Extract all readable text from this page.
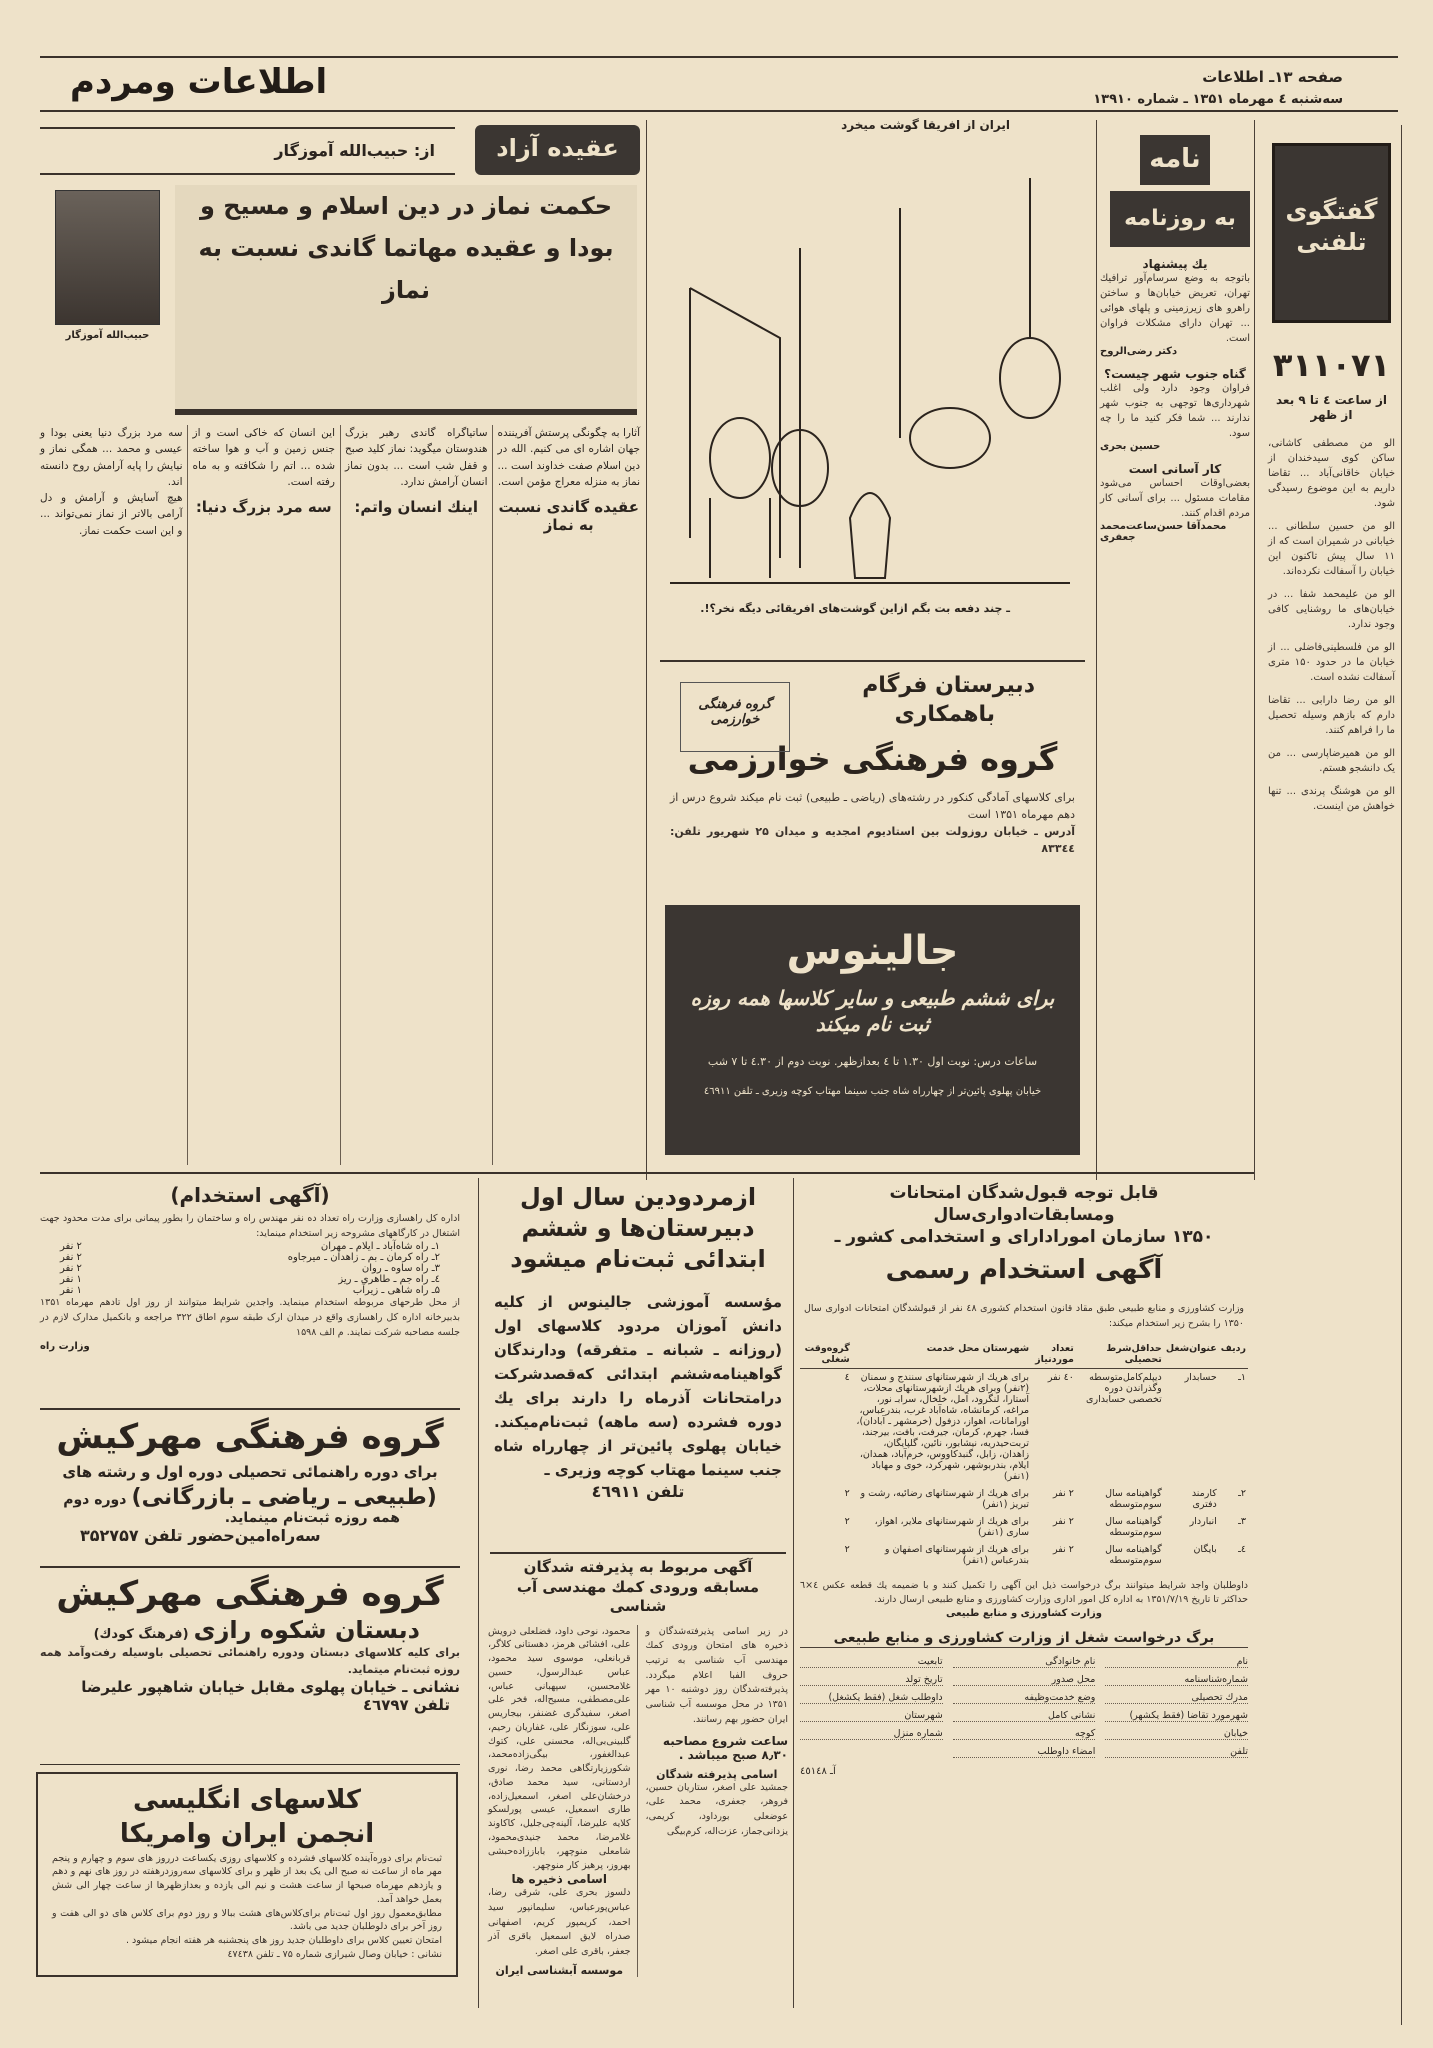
اطلاعات ومردم	صفحه ۱۳ـ اطلاعات
سه‌شنبه ٤ مهرماه ۱۳۵۱ ـ شماره ۱۳۹۱۰
گفتگوی تلفنی
۳۱۱۰۷۱
از ساعت ٤ تا ۹ بعد از ظهر
الو من مصطفی کاشانی، ساکن کوی سیدخندان از خیابان خاقانی‌آباد ... تقاضا داریم به این موضوع رسیدگی شود.
الو من حسین سلطانی ... خیابانی در شمیران است که از ۱۱ سال پیش تاکنون این خیابان را آسفالت نکرده‌اند.
الو من علیمحمد شفا ... در خیابان‌های ما روشنایی کافی وجود ندارد.
الو من فلسطینی‌فاضلی ... از خیابان ما در حدود ۱۵۰ متری آسفالت نشده است.
الو من رضا دارابی ... تقاضا دارم که بازهم وسیله تحصیل ما را فراهم کنند.
الو من همیرضاپارسی ... من یک دانشجو هستم.
الو من هوشنگ پرندی ... تنها خواهش من اینست.
نامه
به روزنامه
یك پیشنهاد
باتوجه به وضع سرسام‌آور ترافیك تهران، تعریض خیابان‌ها و ساختن راهرو های زیرزمینی و پلهای هوائی ... تهران دارای مشکلات فراوان است.
دکتر رضی‌الروح
گناه جنوب شهر چیست؟
فراوان وجود دارد ولی اغلب شهرداری‌ها توجهی به جنوب شهر ندارند ... شما فکر کنید ما را چه سود.
حسین بحری
کار آسانی است
بعضی‌اوقات احساس می‌شود مقامات مسئول ... برای آسانی کار مردم اقدام کنند.
محمدآقا حسن‌ساعت‌محمد جعفری
ایران از افریقا گوشت میخرد
ـ چند دفعه بت بگم ازاین گوشت‌های افریقائی دیگه نخر؟!.
گروه فرهنگی خوارزمی
دبیرستان فرگام
باهمکاری
گروه فرهنگی خوارزمی
برای کلاسهای آمادگی کنکور در رشته‌های (ریاضی ـ طبیعی) ثبت نام میکند شروع درس از دهم مهرماه ۱۳۵۱ است
آدرس ـ خیابان روزولت بین استادیوم امجدیه و میدان ۲۵ شهریور تلفن: ۸۳۳٤٤
جالینوس
برای ششم طبیعی و سایر کلاسها همه روزه ثبت نام میکند
ساعات درس: نوبت اول ۱.۳۰ تا ٤ بعدازظهر. نوبت دوم از ٤.۳۰ تا ۷ شب
خیابان پهلوی پائین‌تر از چهارراه شاه جنب سینما مهتاب کوچه وزیری ـ تلفن ٤٦۹۱۱
عقیده آزاد
از: حبیب‌الله آموزگار
حبیب‌الله آموزگار
حکمت نماز در دین اسلام و مسیح و بودا و عقیده مهاتما گاندی نسبت به نماز

آثارا به چگونگی پرستش آفریننده جهان اشاره ای می کنیم. الله در دین اسلام صفت خداوند است ... نماز به منزله معراج مؤمن است.

عقیده گاندی نسبت به نماز

ساتیاگراه گاندی رهبر بزرگ هندوستان میگوید: نماز کلید صبح و قفل شب است ... بدون نماز انسان آرامش ندارد.

اینك انسان واتم:

این انسان که خاکی است و از جنس زمین و آب و هوا ساخته شده ... اتم را شکافته و به ماه رفته است.

سه مرد بزرگ دنیا:

سه مرد بزرگ دنیا یعنی بودا و عیسی و محمد ... همگی نماز و نیایش را پایه آرامش روح دانسته اند.

هیچ آسایش و آرامش و دل آرامی بالاتر از نماز نمی‌تواند ... و این است حکمت نماز.

(آگهی استخدام)
اداره کل راهسازی وزارت راه تعداد ده نفر مهندس راه و ساختمان را بطور پیمانی برای مدت محدود جهت اشتغال در کارگاههای مشروحه زیر استخدام مینماید:
۱ـ راه شاه‌آباد ـ ایلام ـ مهران
۲ نفر
۲ـ راه کرمان ـ بم ـ زاهدان ـ میرجاوه
۲ نفر
۳ـ راه ساوه ـ روان
۲ نفر
٤ـ راه جم ـ طاهری ـ ریز
۱ نفر
۵ـ راه شاهی ـ زیرآب
۱ نفر
از محل طرحهای مربوطه استخدام مینماید. واجدین شرایط میتوانند از روز اول تادهم مهرماه ۱۳۵۱ بدبیرخانه اداره کل راهسازی واقع در میدان ارک طبقه سوم اطاق ۳۲۲ مراجعه و بانکمیل مدارک لازم در جلسه مصاحبه شرکت نمایند. م الف ۱۵۹۸
وزارت راه
گروه فرهنگی مهرکیش
برای دوره راهنمائی تحصیلی دوره اول و رشته های
(طبیعی ـ ریاضی ـ بازرگانی) دوره دوم
همه روزه ثبت‌نام مینماید.
سه‌راه‌امین‌حضور تلفن ۳۵۲۷۵۷
گروه فرهنگی مهرکیش
دبستان شکوه رازی (فرهنگ کودك)
برای کلیه کلاسهای دبستان ودوره راهنمائی تحصیلی باوسیله رفت‌وآمد همه روزه ثبت‌نام میتماید.
نشانی ـ خیابان پهلوی مقابل خیابان شاهپور علیرضا
تلفن ٤٦۷۹۷
کلاسهای انگلیسی
انجمن ایران وامریکا

ثبت‌نام برای دوره‌آینده کلاسهای فشرده و کلاسهای روزی یکساعت درروز های سوم و چهارم و پنجم مهر ماه از ساعت نه صبح الی یک بعد از ظهر و برای کلاسهای سه‌روزدرهفته در روز های نهم و دهم و یازدهم مهرماه صبحها از ساعت هشت و نیم الی یازده و بعدازظهرها از ساعت چهار الی شش بعمل خواهد آمد.

مطابق‌معمول روز اول ثبت‌نام برای‌کلاس‌های هشت ببالا و روز دوم برای کلاس های دو الی هفت و روز آخر برای دلوطلبان جدید می باشد.

امتحان تعیین کلاس برای داوطلبان جدید روز های پنجشنبه هر هفته انجام میشود .

نشانی : خیابان وصال شیرازی شماره ۷۵ ـ تلفن ٤۷٤۳۸

ازمردودین سال اول
دبیرستان‌ها و ششم
ابتدائی ثبت‌نام میشود
مؤسسه آموزشی جالینوس از کلیه دانش آموزان مردود کلاسهای اول (روزانه ـ شبانه ـ متفرقه) ودارندگان گواهینامه‌ششم ابتدائی که‌قصدشرکت درامتحانات آذرماه را دارند برای یك دوره فشرده (سه ماهه) ثبت‌نام‌میکند. خیابان پهلوی پائین‌تر از چهارراه شاه جنب سینما مهتاب کوچه وزیری ـ
تلفن ٤٦۹۱۱
آگهی مربوط به پذیرفته شدگان مسابقه ورودی کمك مهندسی آب شناسی
در زیر اسامی پذیرفته‌شدگان و ذخیره های امتحان ورودی کمك مهندسی آب شناسی به ترتیب حروف الفبا اعلام میگردد. پذیرفته‌شدگان روز دوشنبه ۱۰ مهر ۱۳۵۱ در محل موسسه آب شناسی ایران حضور بهم رسانند.
ساعت شروع مصاحبه ۸٫۳۰ صبح میباشد .
اسامی پذیرفته شدگان
جمشید علی اصغر، ستاریان حسین، فروهر، جعفری، محمد علی، عوضعلی بورداود، کریمی، یزدانی‌جماز، عزت‌اله، کرم‌بیگی
محمود، نوحی داود، فضلعلی درویش علی، افشائی هرمز، دهستانی کلاگر، قربانعلی، موسوی سید محمود، عباس عبدالرسول، حسین غلامحسین، سپهبانی عباس، علی‌مصطفی، مسیح‌اله، فخر علی اصغر، سفیدگری غضنفر، بیجاریس علی، سوزنگار علی، غفاریان رحیم، گلبینی‌بی‌اله، محسنی علی، کتوك عبدالغفور، بیگی‌زاده‌محمد، شکورزیارتگاهی محمد رضا، نوری اردستانی، سید محمد صادق، درخشان‌علی اصغر، اسمعیل‌زاده، طاری اسمعیل، عیسی پورلسکو کلایه علیرضا، آلینه‌چی‌جلیل، کاکاوند غلامرضا، محمد جنیدی‌محمود، شامعلی منوچهر، باباززاده‌حبشی بهروز، پرهیز کار منوچهر.
اسامی ذخیره ها
دلسوز بحری علی، شرقی رضا، عباس‌پورعباس، سلیمانپور سید احمد، کریمپور کریم، اصفهانی صدراه لایق اسمعیل باقری آذر جعفر، باقری علی اصغر.
موسسه آبشناسی ایران
قابل توجه قبول‌شدگان امتحانات ومسابقات‌ادواری‌سال
۱۳۵۰ سازمان امورادارای و استخدامی کشور ـ
آگهی استخدام رسمی
وزارت کشاورزی و منابع طبیعی طبق مقاد قانون استخدام کشوری ٤۸ نفر از قبولشدگان امتحانات ادواری سال ۱۳۵۰ را بشرح زیر استخدام میکند:
ردیف	عنوان‌شغل	حداقل‌شرط تحصیلی	تعداد موردنیاز	شهرستان محل خدمت	گروه‌وقت شغلی
۱ـ	حسابدار	دیپلم‌کامل‌متوسطه وگذراندن دوره تخصصی حسابداری	٤۰ نفر	برای هریك از شهرستانهای سنندج و سمنان (۲نفر) وبرای هریك ازشهرستانهای محلات، آستارا، لنگرود، آمل، خلخال، سرابـ نور، مراغه، کرمانشاه، شاه‌آباد غرب، بندرعباس، اورامانات، اهواز، دزفول (خرمشهر ـ آبادان)، فسا، جهرم، کرمان، جیرفت، بافت، بیرجند، تربت‌حیدریه، نیشابور، نائین، گلپایگان، زاهدان، زابل، گنبدکاووس، خرم‌آباد، همدان، ایلام، بندربوشهر، شهرکرد، خوی و مهاباد (۱نفر)	٤
۲ـ	کارمند دفتری	گواهینامه سال سوم‌متوسطه	۲ نفر	برای هریك از شهرستانهای رضائیه، رشت و تبریز (۱نفر)	۲
۳ـ	انباردار	گواهینامه سال سوم‌متوسطه	۲ نفر	برای هریك از شهرستانهای ملایر، اهواز، ساری (۱نفر)	۲
٤ـ	بایگان	گواهینامه سال سوم‌متوسطه	۲ نفر	برای هریك از شهرستانهای اصفهان و بندرعباس (۱نفر)	۲
داوطلبان واجد شرایط میتوانند برگ درخواست ذیل این آگهی را تکمیل کنند و با ضمیمه یك قطعه عکس ٤×٦ حداکثر تا تاریخ ۱۳۵۱/۷/۱۹ به اداره کل امور اداری وزارت کشاورزی و منابع طبیعی ارسال دارند.
وزارت کشاورزی و منابع طبیعی
برگ درخواست شغل از وزارت کشاورزی و منابع طبیعی
نام
نام خانوادگی
تابعیت
شماره‌شناسنامه
محل صدور
تاریخ تولد
مدرك تحصیلی
وضع خدمت‌وظیفه
داوطلب شغل (فقط یکشغل)
شهرمورد تقاضا (فقط یکشهر)
نشانی کامل
شهرستان
خیابان
کوچه
شماره منزل
تلفن
امضاء داوطلب
آـ ٤٥١٤٨
